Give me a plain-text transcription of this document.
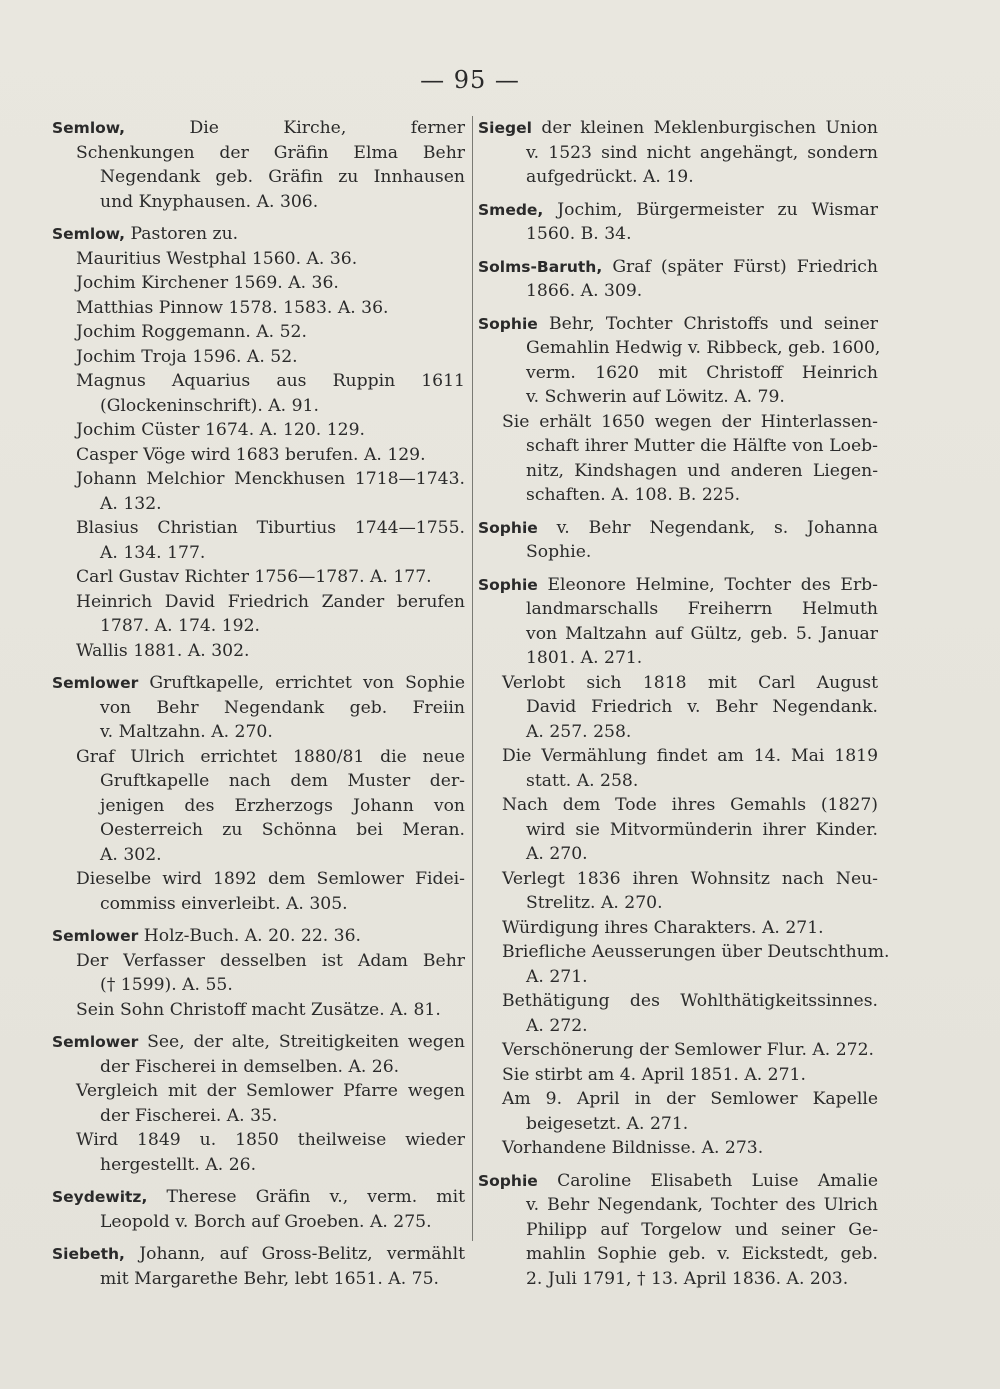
— 95 —
Semlow,	Die Kirche, ferner
Schenkungen der Gräfin Elma Behr
Negendank geb. Gräfin zu Innhausen
und Knyphausen. A. 306.
Semlow, Pastoren zu.
Mauritius Westphal 1560. A. 36.
Jochim Kirchener 1569. A. 36.
Matthias Pinnow 1578. 1583. A. 36.
Jochim Roggemann. A. 52.
Jochim Troja 1596. A. 52.
Magnus Aquarius aus Ruppin 1611
(Glockeninschrift). A. 91.
Jochim Cüster 1674. A. 120. 129.
Casper Vöge wird 1683 berufen. A. 129.
Johann Melchior Menckhusen 1718—1743.
A. 132.
Blasius Christian Tiburtius 1744—1755.
A. 134. 177.
Carl Gustav Richter 1756—1787. A. 177.
Heinrich David Friedrich Zander berufen
1787. A. 174. 192.
Wallis 1881. A. 302.
Semlower Gruftkapelle, errichtet von Sophie
von Behr Negendank geb. Freiin
v. Maltzahn. A. 270.
Graf Ulrich errichtet 1880/81 die neue
Gruftkapelle nach dem Muster der-
jenigen des Erzherzogs Johann von
Oesterreich zu Schönna bei Meran.
A. 302.
Dieselbe wird 1892 dem Semlower Fidei-
commiss einverleibt. A. 305.
Semlower Holz-Buch. A. 20. 22. 36.
Der Verfasser desselben ist Adam Behr
(† 1599). A. 55.
Sein Sohn Christoff macht Zusätze. A. 81.
Semlower See, der alte, Streitigkeiten wegen
der Fischerei in demselben. A. 26.
Vergleich mit der Semlower Pfarre wegen
der Fischerei. A. 35.
Wird 1849 u. 1850 theilweise wieder
hergestellt. A. 26.
Seydewitz, Therese Gräfin v., verm. mit
Leopold v. Borch auf Groeben. A. 275.
Siebeth, Johann, auf Gross-Belitz, vermählt
mit Margarethe Behr, lebt 1651. A. 75.
Siegel der kleinen Meklenburgischen Union
v. 1523 sind nicht angehängt, sondern
aufgedrückt. A. 19.
Smede, Jochim, Bürgermeister zu Wismar
1560. B. 34.
Solms-Baruth, Graf (später Fürst) Friedrich
1866. A. 309.
Sophie Behr, Tochter Christoffs und seiner
Gemahlin Hedwig v. Ribbeck, geb. 1600,
verm. 1620 mit Christoff Heinrich
v. Schwerin auf Löwitz. A. 79.
Sie erhält 1650 wegen der Hinterlassen-
schaft ihrer Mutter die Hälfte von Loeb-
nitz, Kindshagen und anderen Liegen-
schaften. A. 108. B. 225.
Sophie v. Behr Negendank, s. Johanna
Sophie.
Sophie Eleonore Helmine, Tochter des Erb-
landmarschalls Freiherrn Helmuth
von Maltzahn auf Gültz, geb. 5. Januar
1801. A. 271.
Verlobt sich 1818 mit Carl August
David Friedrich v. Behr Negendank.
A. 257. 258.
Die Vermählung findet am 14. Mai 1819
statt. A. 258.
Nach dem Tode ihres Gemahls (1827)
wird sie Mitvormünderin ihrer Kinder.
A. 270.
Verlegt 1836 ihren Wohnsitz nach Neu-
Strelitz. A. 270.
Würdigung ihres Charakters. A. 271.
Briefliche Aeusserungen über Deutschthum.
A. 271.
Bethätigung des Wohlthätigkeitssinnes.
A. 272.
Verschönerung der Semlower Flur. A. 272.
Sie stirbt am 4. April 1851. A. 271.
Am 9. April in der Semlower Kapelle
beigesetzt. A. 271.
Vorhandene Bildnisse. A. 273.
Sophie Caroline Elisabeth Luise Amalie
v. Behr Negendank, Tochter des Ulrich
Philipp auf Torgelow und seiner Ge-
mahlin Sophie geb. v. Eickstedt, geb.
2. Juli 1791, † 13. April 1836. A. 203.
